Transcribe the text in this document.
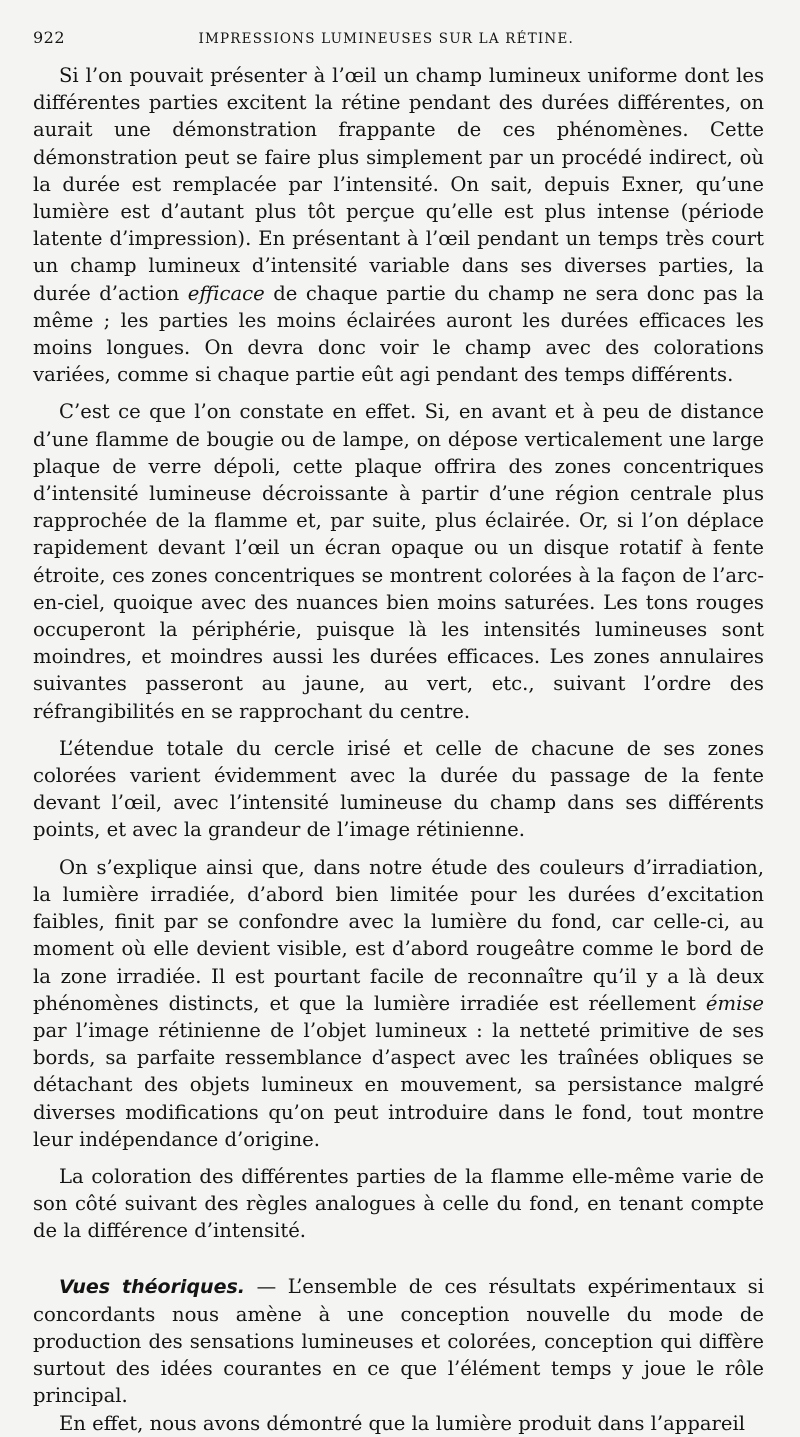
922	IMPRESSIONS LUMINEUSES SUR LA RÉTINE.

Si l’on pouvait présenter à l’œil un champ lumineux uniforme dont les différentes parties excitent la rétine pendant des durées différentes, on aurait une démonstration frappante de ces phénomènes. Cette démonstration peut se faire plus simplement par un procédé indirect, où la durée est remplacée par l’intensité. On sait, depuis Exner, qu’une lumière est d’autant plus tôt perçue qu’elle est plus intense (période latente d’impression). En présentant à l’œil pendant un temps très court un champ lumineux d’intensité variable dans ses diverses parties, la durée d’action efficace de chaque partie du champ ne sera donc pas la même ; les parties les moins éclairées auront les durées efficaces les moins longues. On devra donc voir le champ avec des colorations variées, comme si chaque partie eût agi pendant des temps différents.

C’est ce que l’on constate en effet. Si, en avant et à peu de distance d’une flamme de bougie ou de lampe, on dépose verticalement une large plaque de verre dépoli, cette plaque offrira des zones concentriques d’intensité lumineuse décroissante à partir d’une région centrale plus rapprochée de la flamme et, par suite, plus éclairée. Or, si l’on déplace rapidement devant l’œil un écran opaque ou un disque rotatif à fente étroite, ces zones concentriques se montrent colorées à la façon de l’arc-en-ciel, quoique avec des nuances bien moins saturées. Les tons rouges occuperont la périphérie, puisque là les intensités lumineuses sont moindres, et moindres aussi les durées efficaces. Les zones annulaires suivantes passeront au jaune, au vert, etc., suivant l’ordre des réfrangibilités en se rapprochant du centre.

L’étendue totale du cercle irisé et celle de chacune de ses zones colorées varient évidemment avec la durée du passage de la fente devant l’œil, avec l’intensité lumineuse du champ dans ses différents points, et avec la grandeur de l’image rétinienne.

On s’explique ainsi que, dans notre étude des couleurs d’irradiation, la lumière irradiée, d’abord bien limitée pour les durées d’excitation faibles, finit par se confondre avec la lumière du fond, car celle-ci, au moment où elle devient visible, est d’abord rougeâtre comme le bord de la zone irradiée. Il est pourtant facile de reconnaître qu’il y a là deux phénomènes distincts, et que la lumière irradiée est réellement émise par l’image rétinienne de l’objet lumineux : la netteté primitive de ses bords, sa parfaite ressemblance d’aspect avec les traînées obliques se détachant des objets lumineux en mouvement, sa persistance malgré diverses modifications qu’on peut introduire dans le fond, tout montre leur indépendance d’origine.

La coloration des différentes parties de la flamme elle-même varie de son côté suivant des règles analogues à celle du fond, en tenant compte de la différence d’intensité.

Vues théoriques. — L’ensemble de ces résultats expérimentaux si concordants nous amène à une conception nouvelle du mode de production des sensations lumineuses et colorées, conception qui diffère surtout des idées courantes en ce que l’élément temps y joue le rôle principal.

En effet, nous avons démontré que la lumière produit dans l’appareil
